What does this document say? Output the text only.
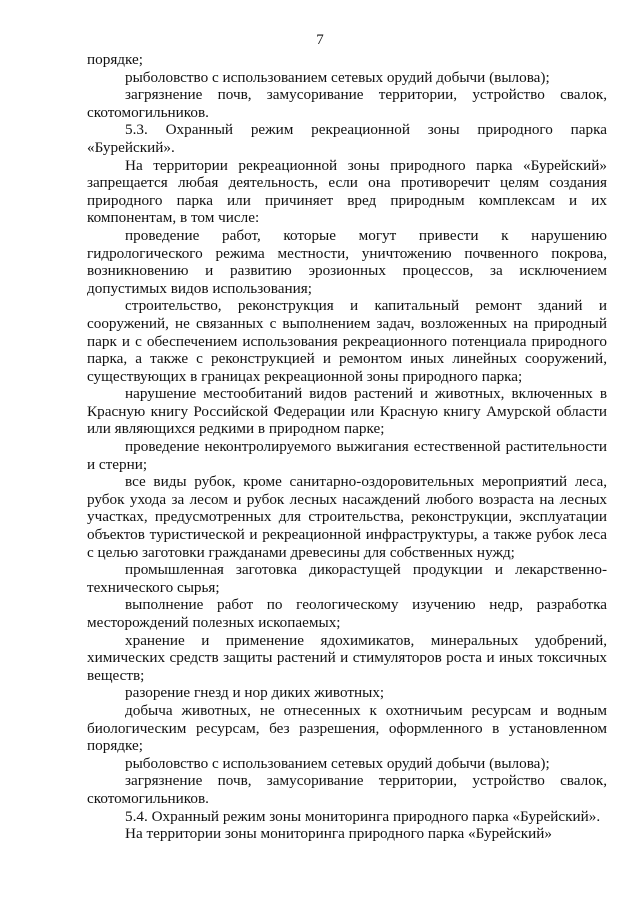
7

порядке;

рыболовство с использованием сетевых орудий добычи (вылова);

загрязнение почв, замусоривание территории, устройство свалок, скотомогильников.

5.3. Охранный режим рекреационной зоны природного парка «Бурейский».

На территории рекреационной зоны природного парка «Бурейский» запрещается любая деятельность, если она противоречит целям создания природного парка или причиняет вред природным комплексам и их компонентам, в том числе:

проведение работ, которые могут привести к нарушению гидрологического режима местности, уничтожению почвенного покрова, возникновению и развитию эрозионных процессов, за исключением допустимых видов использования;

строительство, реконструкция и капитальный ремонт зданий и сооружений, не связанных с выполнением задач, возложенных на природный парк и с обеспечением использования рекреационного потенциала природного парка, а также с реконструкцией и ремонтом иных линейных сооружений, существующих в границах рекреационной зоны природного парка;

нарушение местообитаний видов растений и животных, включенных в Красную книгу Российской Федерации или Красную книгу Амурской области или являющихся редкими в природном парке;

проведение неконтролируемого выжигания естественной растительности и стерни;

все виды рубок, кроме санитарно-оздоровительных мероприятий леса, рубок ухода за лесом и рубок лесных насаждений любого возраста на лесных участках, предусмотренных для строительства, реконструкции, эксплуатации объектов туристической и рекреационной инфраструктуры, а также рубок леса с целью заготовки гражданами древесины для собственных нужд;

промышленная заготовка дикорастущей продукции и лекарственно-технического сырья;

выполнение работ по геологическому изучению недр, разработка месторождений полезных ископаемых;

хранение и применение ядохимикатов, минеральных удобрений, химических средств защиты растений и стимуляторов роста и иных токсичных веществ;

разорение гнезд и нор диких животных;

добыча животных, не отнесенных к охотничьим ресурсам и водным биологическим ресурсам, без разрешения, оформленного в установленном порядке;

рыболовство с использованием сетевых орудий добычи (вылова);

загрязнение почв, замусоривание территории, устройство свалок, скотомогильников.

5.4. Охранный режим зоны мониторинга природного парка «Бурейский».

На территории зоны мониторинга природного парка «Бурейский»
